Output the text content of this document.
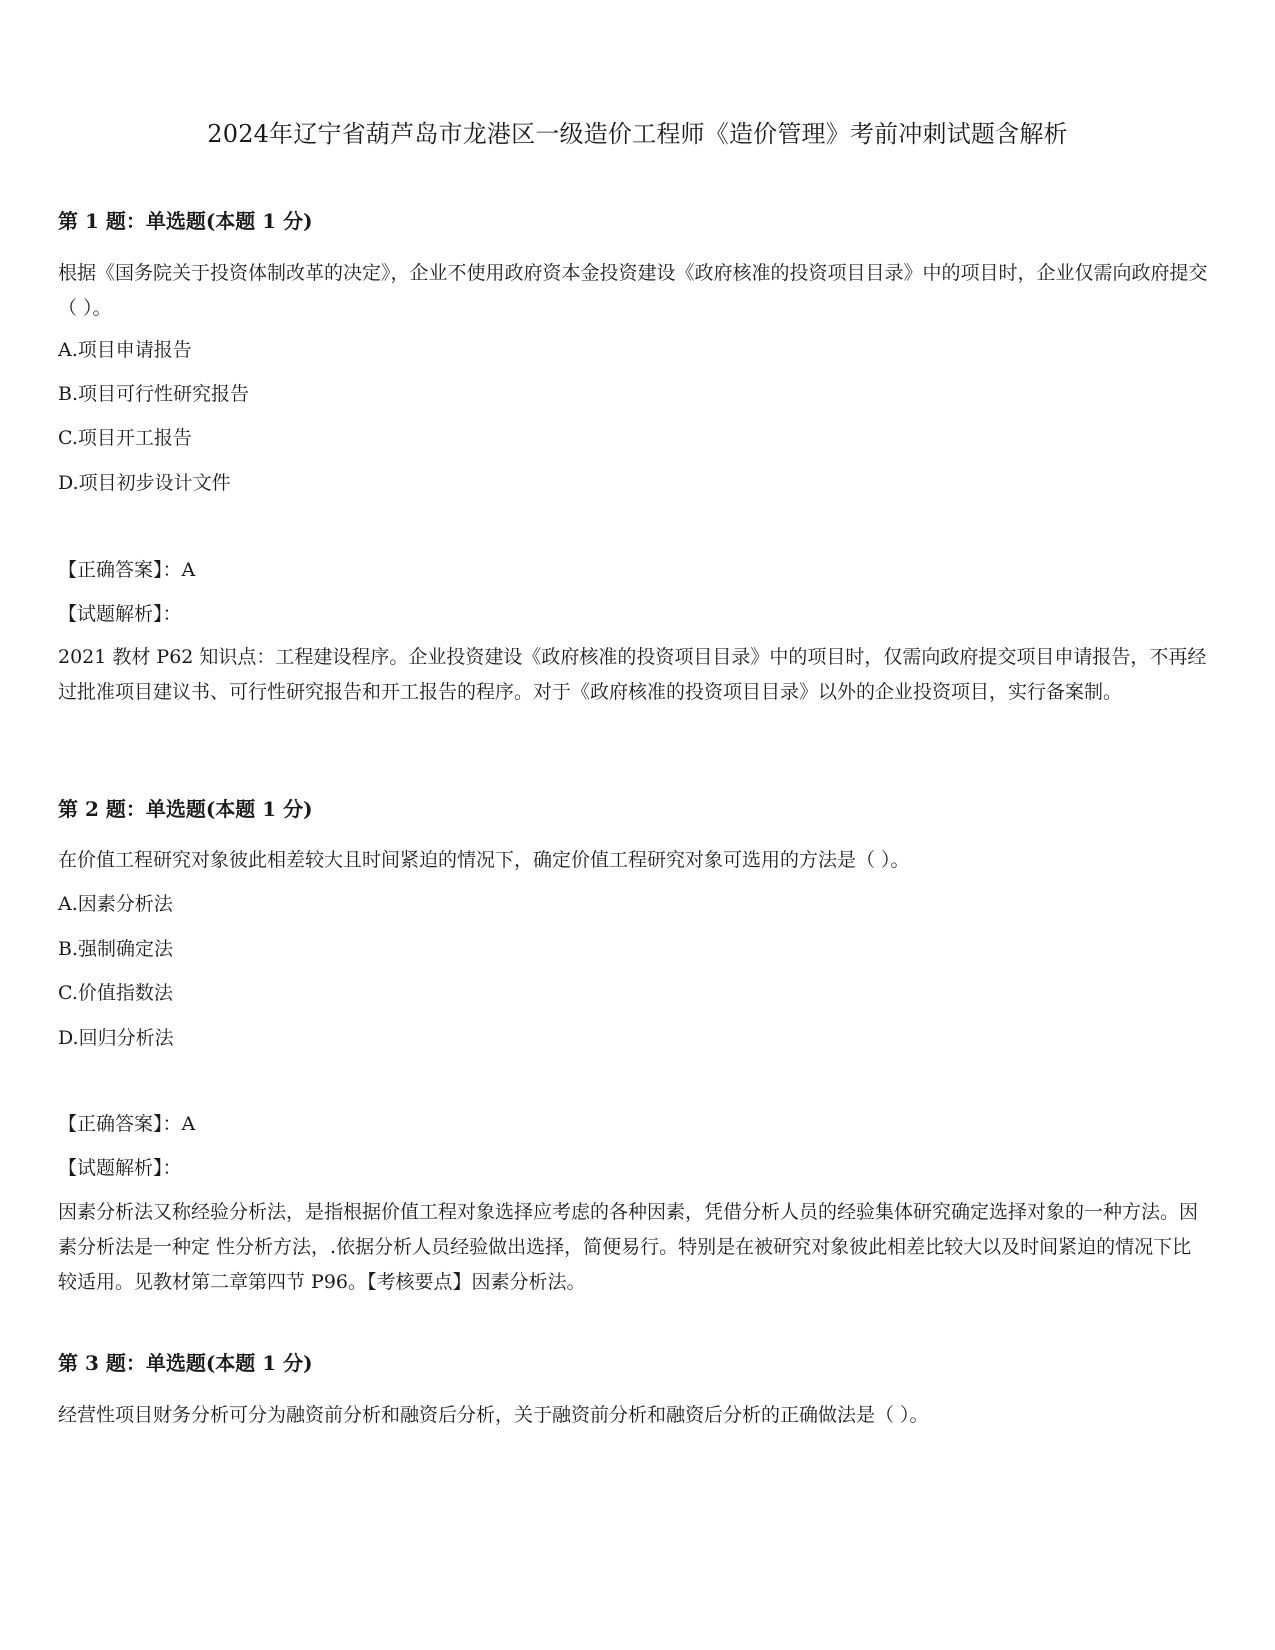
2024年辽宁省葫芦岛市龙港区一级造价工程师《造价管理》考前冲刺试题含解析
第 1 题：单选题(本题 1 分)

根据《国务院关于投资体制改革的决定》，企业不使用政府资本金投资建设《政府核准的投资项目目录》中的项目时，企业仅需向政府提交（ ）。

A.项目申请报告
B.项目可行性研究报告
C.项目开工报告
D.项目初步设计文件
【正确答案】：A
【试题解析】：

2021 教材 P62 知识点：工程建设程序。企业投资建设《政府核准的投资项目目录》中的项目时，仅需向政府提交项目申请报告，不再经过批准项目建议书、可行性研究报告和开工报告的程序。对于《政府核准的投资项目目录》以外的企业投资项目，实行备案制。

第 2 题：单选题(本题 1 分)

在价值工程研究对象彼此相差较大且时间紧迫的情况下，确定价值工程研究对象可选用的方法是（ ）。

A.因素分析法
B.强制确定法
C.价值指数法
D.回归分析法
【正确答案】：A
【试题解析】：

因素分析法又称经验分析法，是指根据价值工程对象选择应考虑的各种因素，凭借分析人员的经验集体研究确定选择对象的一种方法。因素分析法是一种定 性分析方法，.依据分析人员经验做出选择，简便易行。特别是在被研究对象彼此相差比较大以及时间紧迫的情况下比较适用。见教材第二章第四节 P96。【考核要点】因素分析法。

第 3 题：单选题(本题 1 分)

经营性项目财务分析可分为融资前分析和融资后分析，关于融资前分析和融资后分析的正确做法是（ ）。
